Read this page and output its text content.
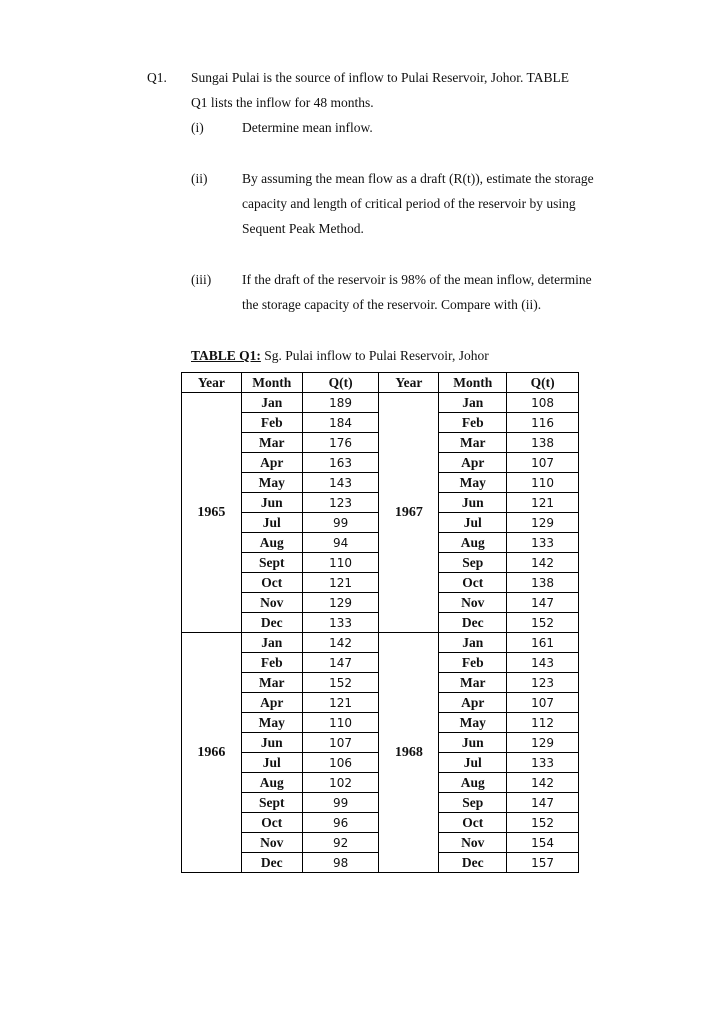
Q1. Sungai Pulai is the source of inflow to Pulai Reservoir, Johor. TABLE
Q1 lists the inflow for 48 months.
(i)	Determine mean inflow.
(ii)	By assuming the mean flow as a draft (R(t)), estimate the storage
capacity and length of critical period of the reservoir by using
Sequent Peak Method.
(iii) If the draft of the reservoir is 98% of the mean inflow, determine
the storage capacity of the reservoir. Compare with (ii).
TABLE Q1: Sg. Pulai inflow to Pulai Reservoir, Johor
Year	Month	Q(t)	Year	Month	Q(t)
1965	Jan	189	1967	Jan	108
	Feb	184		Feb	116
	Mar	176		Mar	138
	Apr	163		Apr	107
	May	143		May	110
	Jun	123		Jun	121
	Jul	99		Jul	129
	Aug	94		Aug	133
	Sept	110		Sep	142
	Oct	121		Oct	138
	Nov	129		Nov	147
	Dec	133		Dec	152
1966	Jan	142	1968	Jan	161
	Feb	147		Feb	143
	Mar	152		Mar	123
	Apr	121		Apr	107
	May	110		May	112
	Jun	107		Jun	129
	Jul	106		Jul	133
	Aug	102		Aug	142
	Sept	99		Sep	147
	Oct	96		Oct	152
	Nov	92		Nov	154
	Dec	98		Dec	157
